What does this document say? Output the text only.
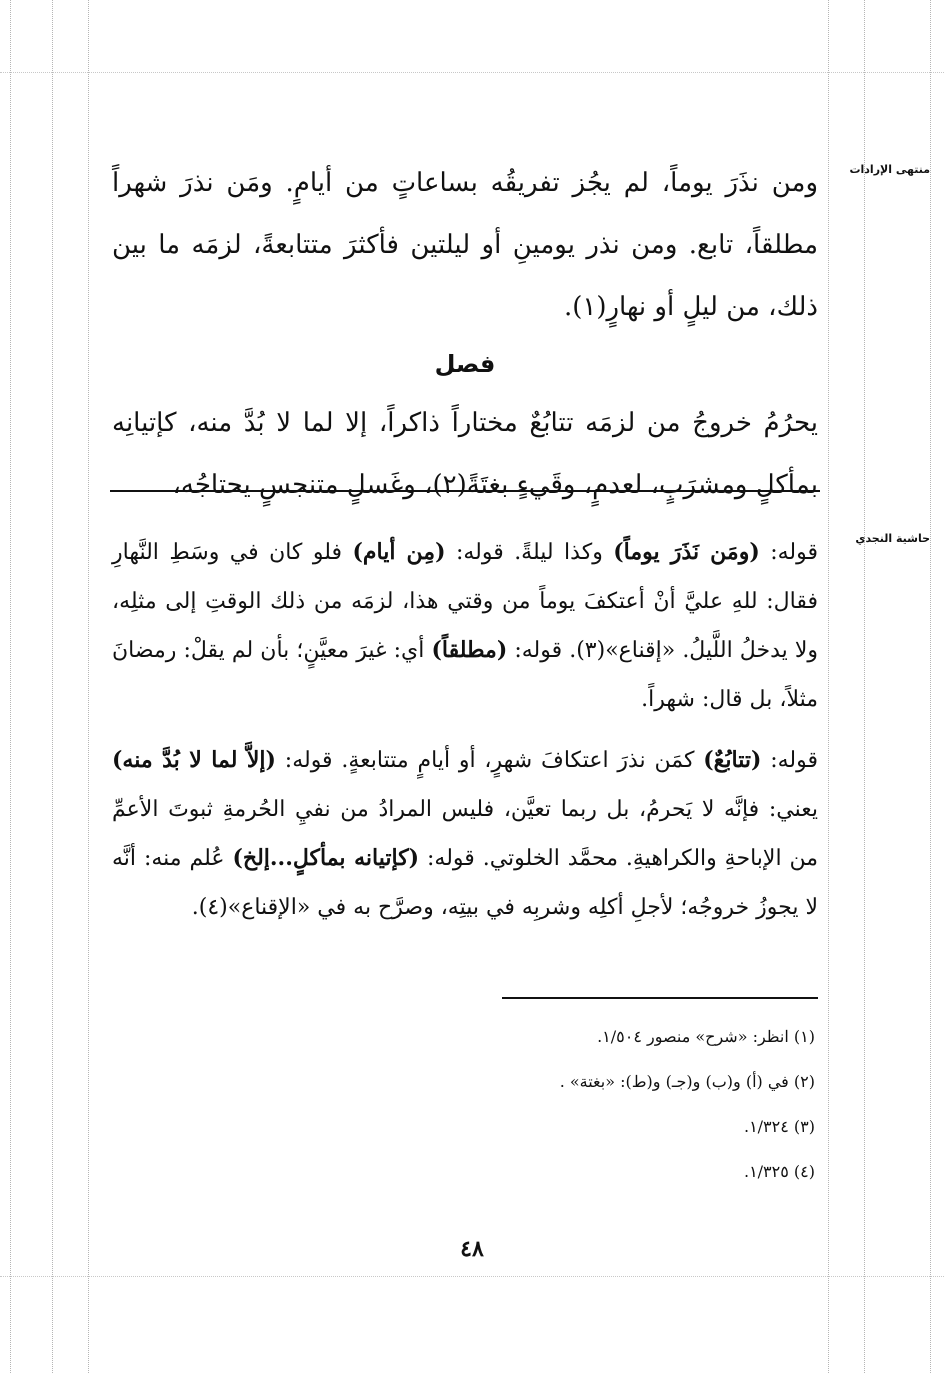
منتهى الإرادات
حاشية النجدي

ومن نذَرَ يوماً، لم يجُز تفريقُه بساعاتٍ من أيامٍ. ومَن نذرَ شهراً مطلقاً، تابع. ومن نذر يومينِ أو ليلتين فأكثرَ متتابعةً، لزمَه ما بين ذلك، من ليلٍ أو نهارٍ(١).

فصل

يحرُمُ خروجُ من لزمَه تتابُعٌ مختاراً ذاكراً، إلا لما لا بُدَّ منه، كإتيانِه بمأكلٍ ومشرَبٍ، لعدمٍ، وقَيءٍ بغتَةً(٢)، وغَسلٍ متنجسٍ يحتاجُه،

قوله: (ومَن نَذَرَ يوماً) وكذا ليلةً. قوله: (مِن أيام) فلو كان في وسَطِ النَّهارِ فقال: للهِ عليَّ أنْ أعتكفَ يوماً من وقتي هذا، لزمَه من ذلك الوقتِ إلى مثلِه، ولا يدخلُ اللَّيلُ. «إقناع»(٣). قوله: (مطلقاً) أي: غيرَ معيَّنٍ؛ بأن لم يقلْ: رمضانَ مثلاً، بل قال: شهراً.

قوله: (تتابُعٌ) كمَن نذرَ اعتكافَ شهرٍ، أو أيامٍ متتابعةٍ. قوله: (إلاَّ لما لا بُدَّ منه) يعني: فإنَّه لا يَحرمُ، بل ربما تعيَّن، فليس المرادُ من نفيِ الحُرمةِ ثبوتَ الأعمِّ من الإباحةِ والكراهيةِ. محمَّد الخلوتي. قوله: (كإتيانه بمأكلٍ...إلخ) عُلم منه: أنَّه لا يجوزُ خروجُه؛ لأجلِ أكلِه وشربِه في بيتِه، وصرَّح به في «الإقناع»(٤).

(١) انظر: «شرح» منصور ١/٥٠٤.
(٢) في (أ) و(ب) و(جـ) و(ط): «بغتة» .
(٣) ١/٣٢٤.
(٤) ١/٣٢٥.
٤٨
